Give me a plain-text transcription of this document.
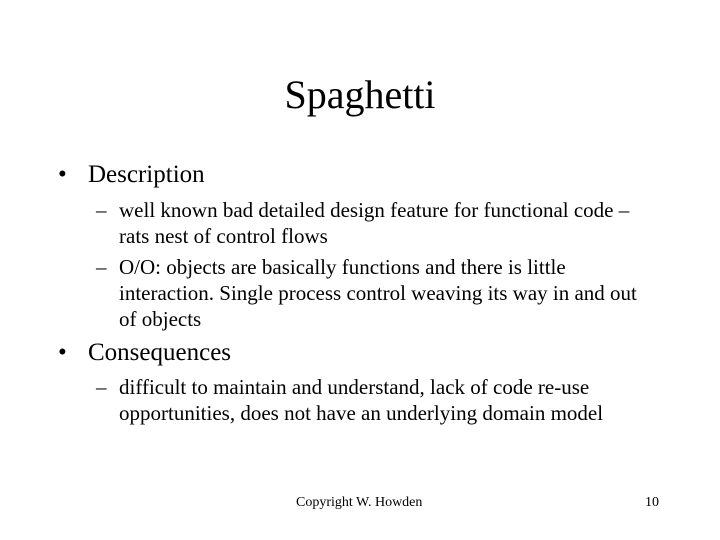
Spaghetti
• Description
– well known bad detailed design feature for functional code – rats nest of control flows
– O/O: objects are basically functions and there is little interaction. Single process control weaving its way in and out of objects
• Consequences
– difficult to maintain and understand, lack of code re-use opportunities, does not have an underlying domain model
Copyright W. Howden	10
